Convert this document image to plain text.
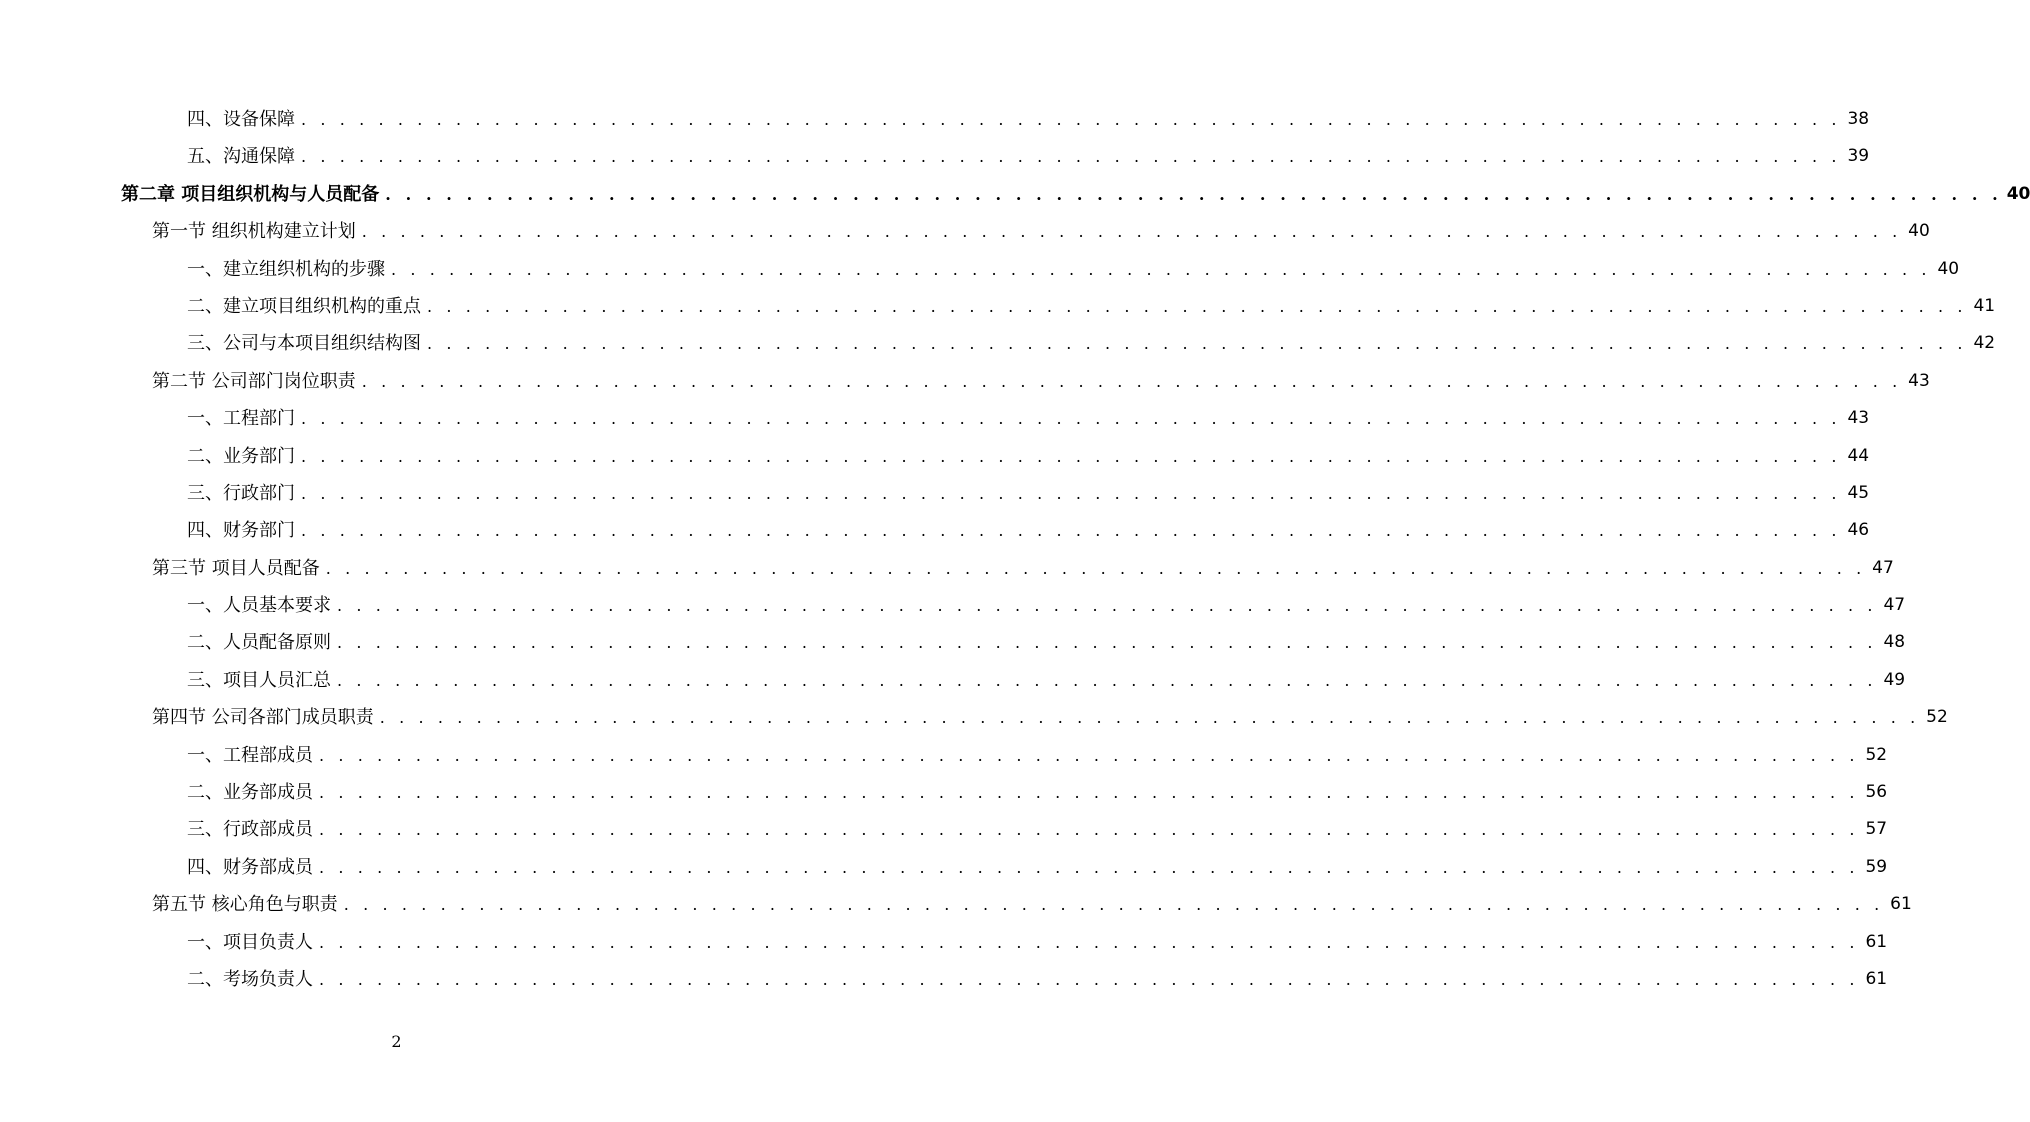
四、设备保障 . . . . . . . . . . . . . . . . . . . . . . . . . . . . . . . . . . . . . . . . . . . . . . . . . . . . . . . . . . . . . . . . . . . . . . . . . . . . . . . . 38
五、沟通保障 . . . . . . . . . . . . . . . . . . . . . . . . . . . . . . . . . . . . . . . . . . . . . . . . . . . . . . . . . . . . . . . . . . . . . . . . . . . . . . . . 39
第二章 项目组织机构与人员配备 . . . . . . . . . . . . . . . . . . . . . . . . . . . . . . . . . . . . . . . . . . . . . . . . . . . . . . . . . . . . . . . . . . . . . . . . . . . . . . . . 40
第一节 组织机构建立计划 . . . . . . . . . . . . . . . . . . . . . . . . . . . . . . . . . . . . . . . . . . . . . . . . . . . . . . . . . . . . . . . . . . . . . . . . . . . . . . . . 40
一、建立组织机构的步骤 . . . . . . . . . . . . . . . . . . . . . . . . . . . . . . . . . . . . . . . . . . . . . . . . . . . . . . . . . . . . . . . . . . . . . . . . . . . . . . . . 40
二、建立项目组织机构的重点 . . . . . . . . . . . . . . . . . . . . . . . . . . . . . . . . . . . . . . . . . . . . . . . . . . . . . . . . . . . . . . . . . . . . . . . . . . . . . . . . 41
三、公司与本项目组织结构图 . . . . . . . . . . . . . . . . . . . . . . . . . . . . . . . . . . . . . . . . . . . . . . . . . . . . . . . . . . . . . . . . . . . . . . . . . . . . . . . . 42
第二节 公司部门岗位职责 . . . . . . . . . . . . . . . . . . . . . . . . . . . . . . . . . . . . . . . . . . . . . . . . . . . . . . . . . . . . . . . . . . . . . . . . . . . . . . . . 43
一、工程部门 . . . . . . . . . . . . . . . . . . . . . . . . . . . . . . . . . . . . . . . . . . . . . . . . . . . . . . . . . . . . . . . . . . . . . . . . . . . . . . . . 43
二、业务部门 . . . . . . . . . . . . . . . . . . . . . . . . . . . . . . . . . . . . . . . . . . . . . . . . . . . . . . . . . . . . . . . . . . . . . . . . . . . . . . . . 44
三、行政部门 . . . . . . . . . . . . . . . . . . . . . . . . . . . . . . . . . . . . . . . . . . . . . . . . . . . . . . . . . . . . . . . . . . . . . . . . . . . . . . . . 45
四、财务部门 . . . . . . . . . . . . . . . . . . . . . . . . . . . . . . . . . . . . . . . . . . . . . . . . . . . . . . . . . . . . . . . . . . . . . . . . . . . . . . . . 46
第三节 项目人员配备 . . . . . . . . . . . . . . . . . . . . . . . . . . . . . . . . . . . . . . . . . . . . . . . . . . . . . . . . . . . . . . . . . . . . . . . . . . . . . . . . 47
一、人员基本要求 . . . . . . . . . . . . . . . . . . . . . . . . . . . . . . . . . . . . . . . . . . . . . . . . . . . . . . . . . . . . . . . . . . . . . . . . . . . . . . . . 47
二、人员配备原则 . . . . . . . . . . . . . . . . . . . . . . . . . . . . . . . . . . . . . . . . . . . . . . . . . . . . . . . . . . . . . . . . . . . . . . . . . . . . . . . . 48
三、项目人员汇总 . . . . . . . . . . . . . . . . . . . . . . . . . . . . . . . . . . . . . . . . . . . . . . . . . . . . . . . . . . . . . . . . . . . . . . . . . . . . . . . . 49
第四节 公司各部门成员职责 . . . . . . . . . . . . . . . . . . . . . . . . . . . . . . . . . . . . . . . . . . . . . . . . . . . . . . . . . . . . . . . . . . . . . . . . . . . . . . . . 52
一、工程部成员 . . . . . . . . . . . . . . . . . . . . . . . . . . . . . . . . . . . . . . . . . . . . . . . . . . . . . . . . . . . . . . . . . . . . . . . . . . . . . . . . 52
二、业务部成员 . . . . . . . . . . . . . . . . . . . . . . . . . . . . . . . . . . . . . . . . . . . . . . . . . . . . . . . . . . . . . . . . . . . . . . . . . . . . . . . . 56
三、行政部成员 . . . . . . . . . . . . . . . . . . . . . . . . . . . . . . . . . . . . . . . . . . . . . . . . . . . . . . . . . . . . . . . . . . . . . . . . . . . . . . . . 57
四、财务部成员 . . . . . . . . . . . . . . . . . . . . . . . . . . . . . . . . . . . . . . . . . . . . . . . . . . . . . . . . . . . . . . . . . . . . . . . . . . . . . . . . 59
第五节 核心角色与职责 . . . . . . . . . . . . . . . . . . . . . . . . . . . . . . . . . . . . . . . . . . . . . . . . . . . . . . . . . . . . . . . . . . . . . . . . . . . . . . . . 61
一、项目负责人 . . . . . . . . . . . . . . . . . . . . . . . . . . . . . . . . . . . . . . . . . . . . . . . . . . . . . . . . . . . . . . . . . . . . . . . . . . . . . . . . 61
二、考场负责人 . . . . . . . . . . . . . . . . . . . . . . . . . . . . . . . . . . . . . . . . . . . . . . . . . . . . . . . . . . . . . . . . . . . . . . . . . . . . . . . . 61
2
